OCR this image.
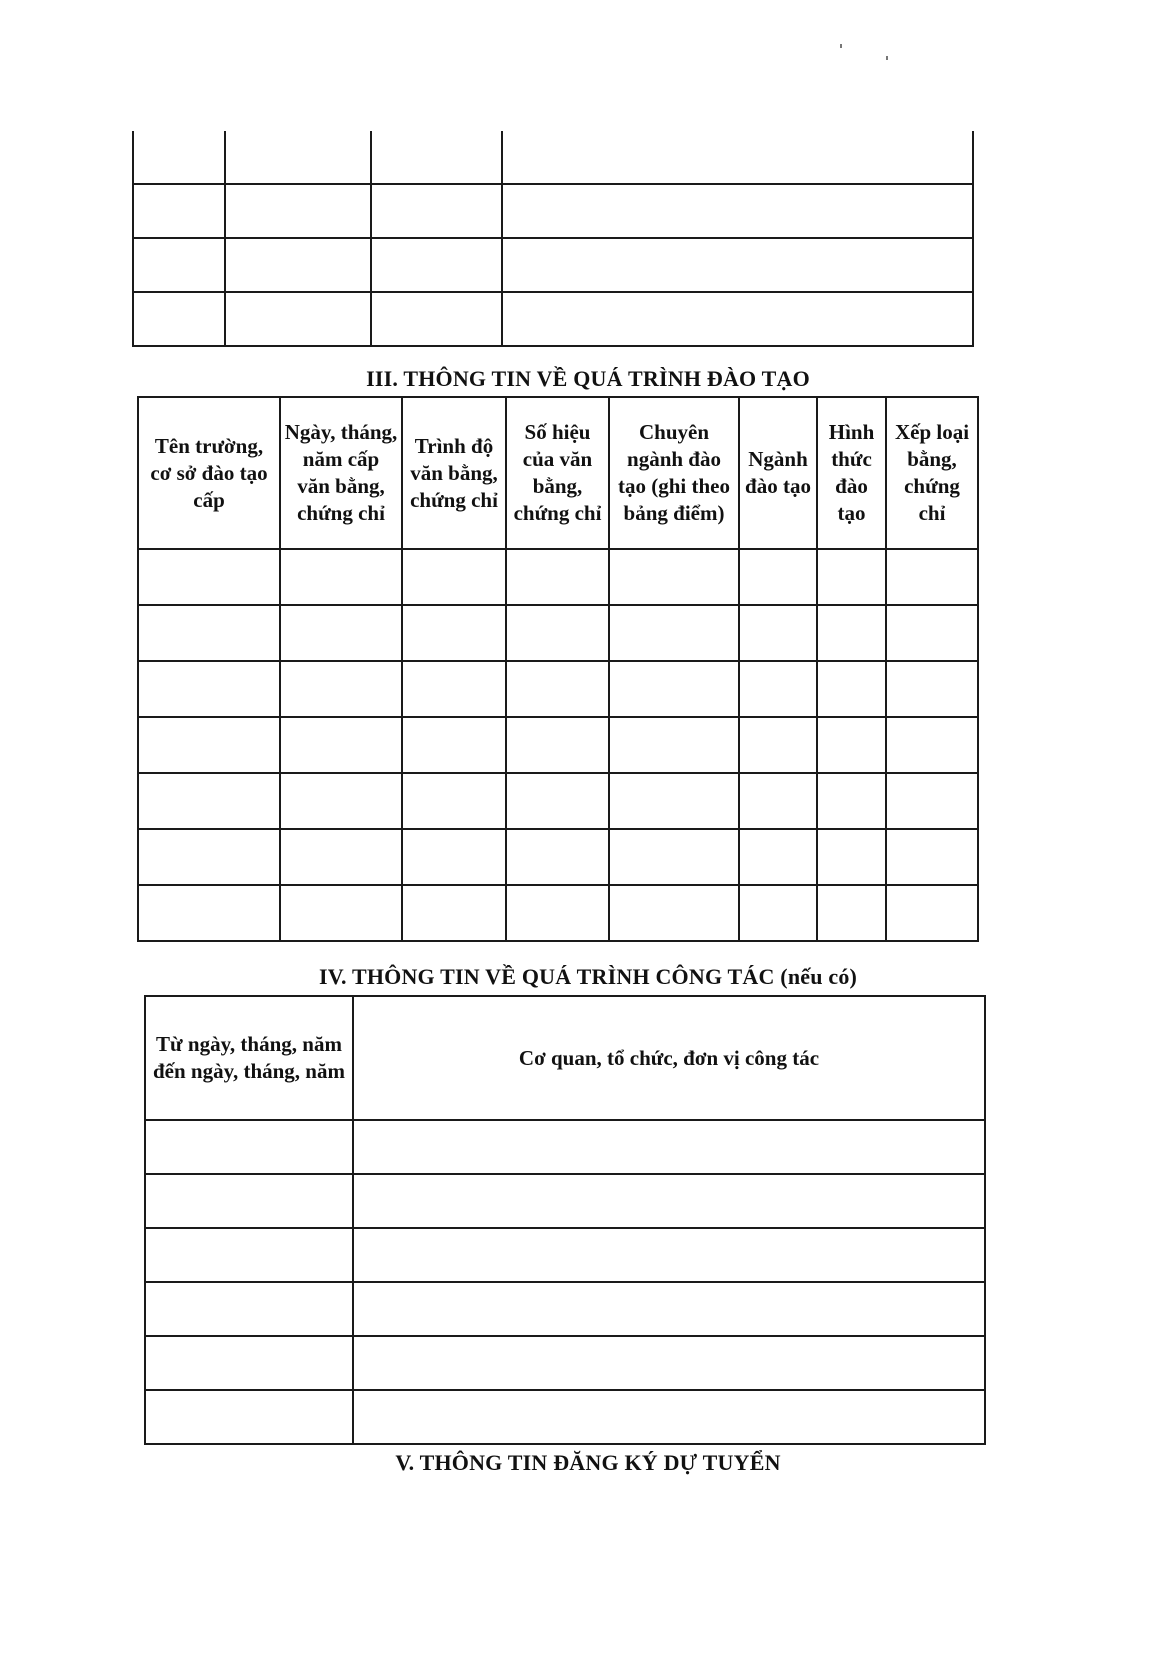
III. THÔNG TIN VỀ QUÁ TRÌNH ĐÀO TẠO
Tên trường, cơ sở đào tạo cấp	Ngày, tháng, năm cấp văn bằng, chứng chỉ	Trình độ văn bằng, chứng chỉ	Số hiệu của văn bằng, chứng chỉ	Chuyên ngành đào tạo (ghi theo bảng điểm)	Ngành đào tạo	Hình thức đào tạo	Xếp loại bằng, chứng chỉ

IV. THÔNG TIN VỀ QUÁ TRÌNH CÔNG TÁC (nếu có)
Từ ngày, tháng, năm đến ngày, tháng, năm	Cơ quan, tổ chức, đơn vị công tác

V. THÔNG TIN ĐĂNG KÝ DỰ TUYỂN
